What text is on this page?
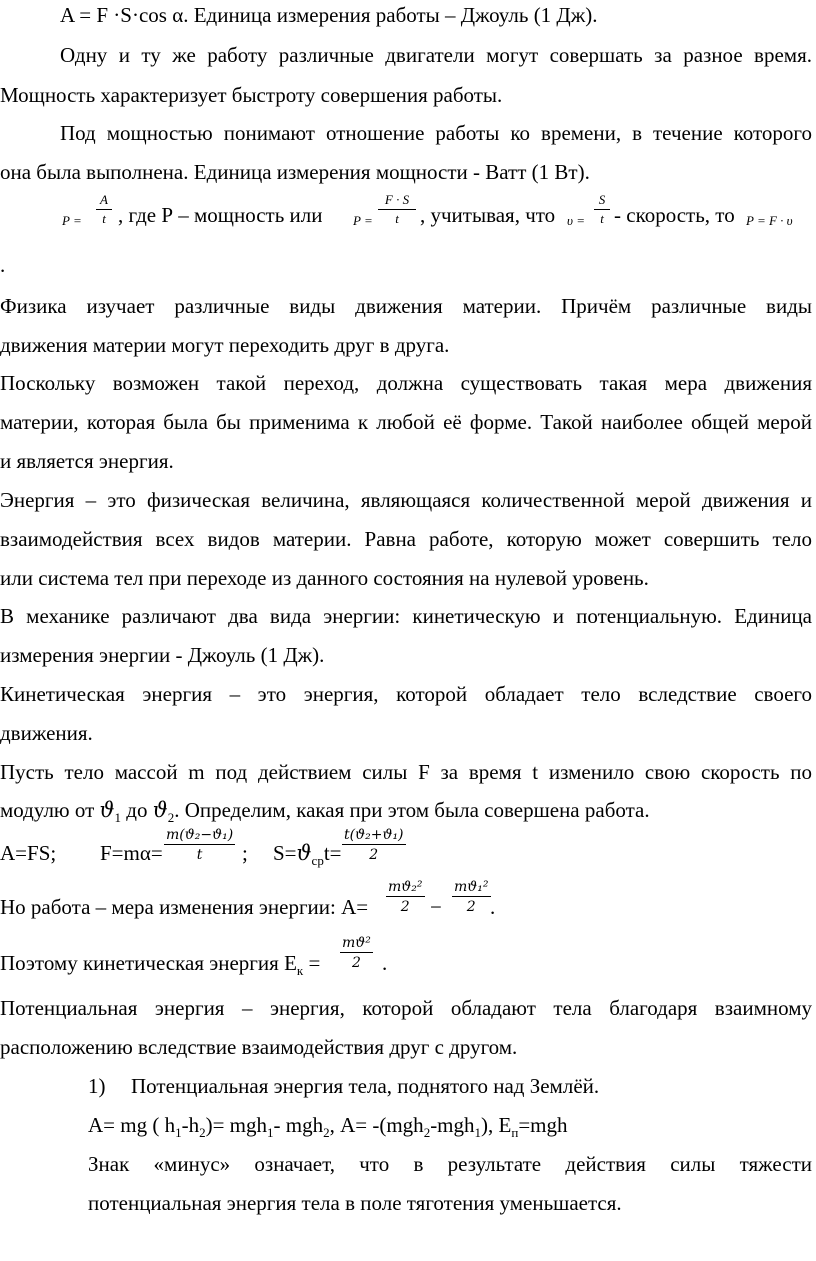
A = F ·S·cos α. Единица измерения работы – Джоуль (1 Дж).
Одну и ту же работу различные двигатели могут совершать за разное время.
Мощность характеризует быстроту совершения работы.
Под мощностью понимают отношение работы ко времени, в течение которого
она была выполнена. Единица измерения мощности - Ватт (1 Вт).
P =
A
t , где Р – мощность или P =
F · S
t	, учитывая, что υ =
S
t - скорость, то P = F · υ
.
Физика изучает различные виды движения материи. Причём различные виды
движения материи могут переходить друг в друга.
Поскольку возможен такой переход, должна существовать такая мера движения
материи, которая была бы применима к любой её форме. Такой наиболее общей мерой
и является энергия.
Энергия – это физическая величина, являющаяся количественной мерой движения и
взаимодействия всех видов материи. Равна работе, которую может совершить тело
или система тел при переходе из данного состояния на нулевой уровень.
В механике различают два вида энергии: кинетическую и потенциальную. Единица
измерения энергии - Джоуль (1 Дж).
Кинетическая энергия – это энергия, которой обладает тело вследствие своего
движения.
Пусть тело массой m под действием силы F за время t изменило свою скорость по
модулю от $ϑ_1$ до $ϑ_2$. Определим, какая при этом была совершена работа.
A=FS; $F=m\alpha= \frac{\text{m(ϑ₂−ϑ₁)}}{t}$ ; $S=ϑ_{cp}t= \frac{\text{t(ϑ₂+ϑ₁)}}{2}$
Но работа – мера изменения энергии: $А= \frac{\text{mϑ₂²}}{2} - \frac{\text{mϑ₁²}}{2}$ .
Поэтому кинетическая энергия $Е_к = \frac{\text{mϑ²}}{2}$ .
Потенциальная энергия – энергия, которой обладают тела благодаря взаимному
расположению вследствие взаимодействия друг с другом.
1) Потенциальная энергия тела, поднятого над Землёй.
А= mg ( $h_1-h_2)= mgh_1-$ mgh$_2$, А= -(mgh$_2$-mgh$_1$), $Е_п=mgh$
Знак «минус» означает, что в результате действия силы тяжести
потенциальная энергия тела в поле тяготения уменьшается.
